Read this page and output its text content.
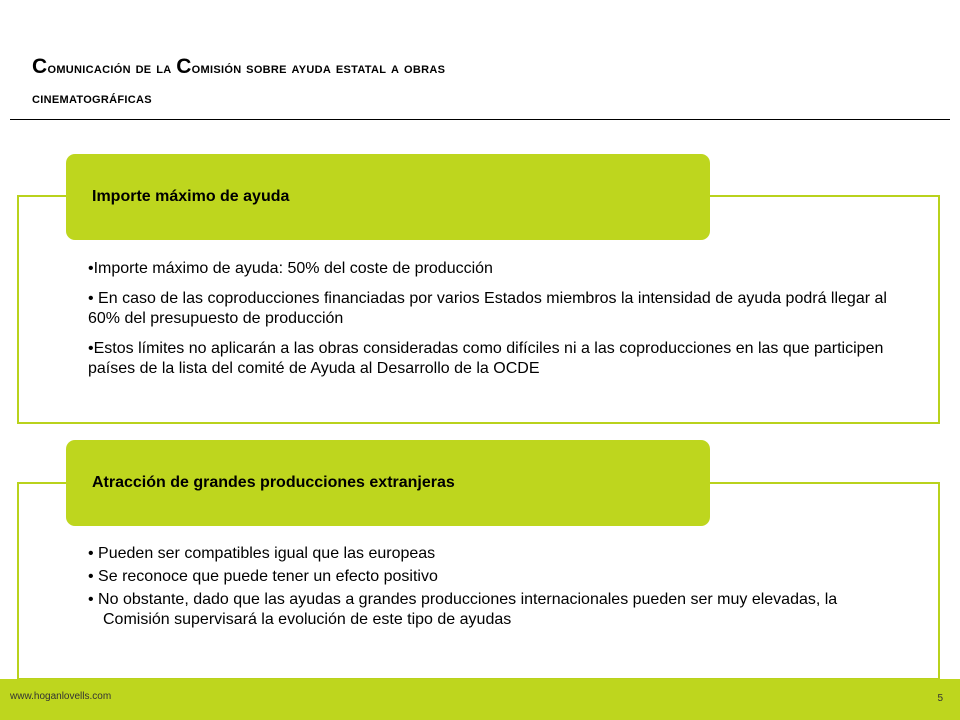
Comunicación de la Comisión sobre ayuda estatal a obras
cinematográficas
Importe máximo de ayuda
•Importe máximo de ayuda: 50% del coste de producción
• En caso de las coproducciones financiadas por varios Estados miembros la intensidad de ayuda podrá llegar al 60% del presupuesto de producción
•Estos límites no aplicarán a las obras consideradas como difíciles ni a las coproducciones en las que participen países de la lista del comité de Ayuda al Desarrollo de la OCDE
Atracción de grandes producciones extranjeras
• Pueden ser compatibles igual que las europeas
• Se reconoce que puede tener un efecto positivo
• No obstante, dado que las ayudas a grandes producciones internacionales pueden ser muy elevadas, la Comisión supervisará la evolución de este tipo de ayudas
www.hoganlovells.com	5
